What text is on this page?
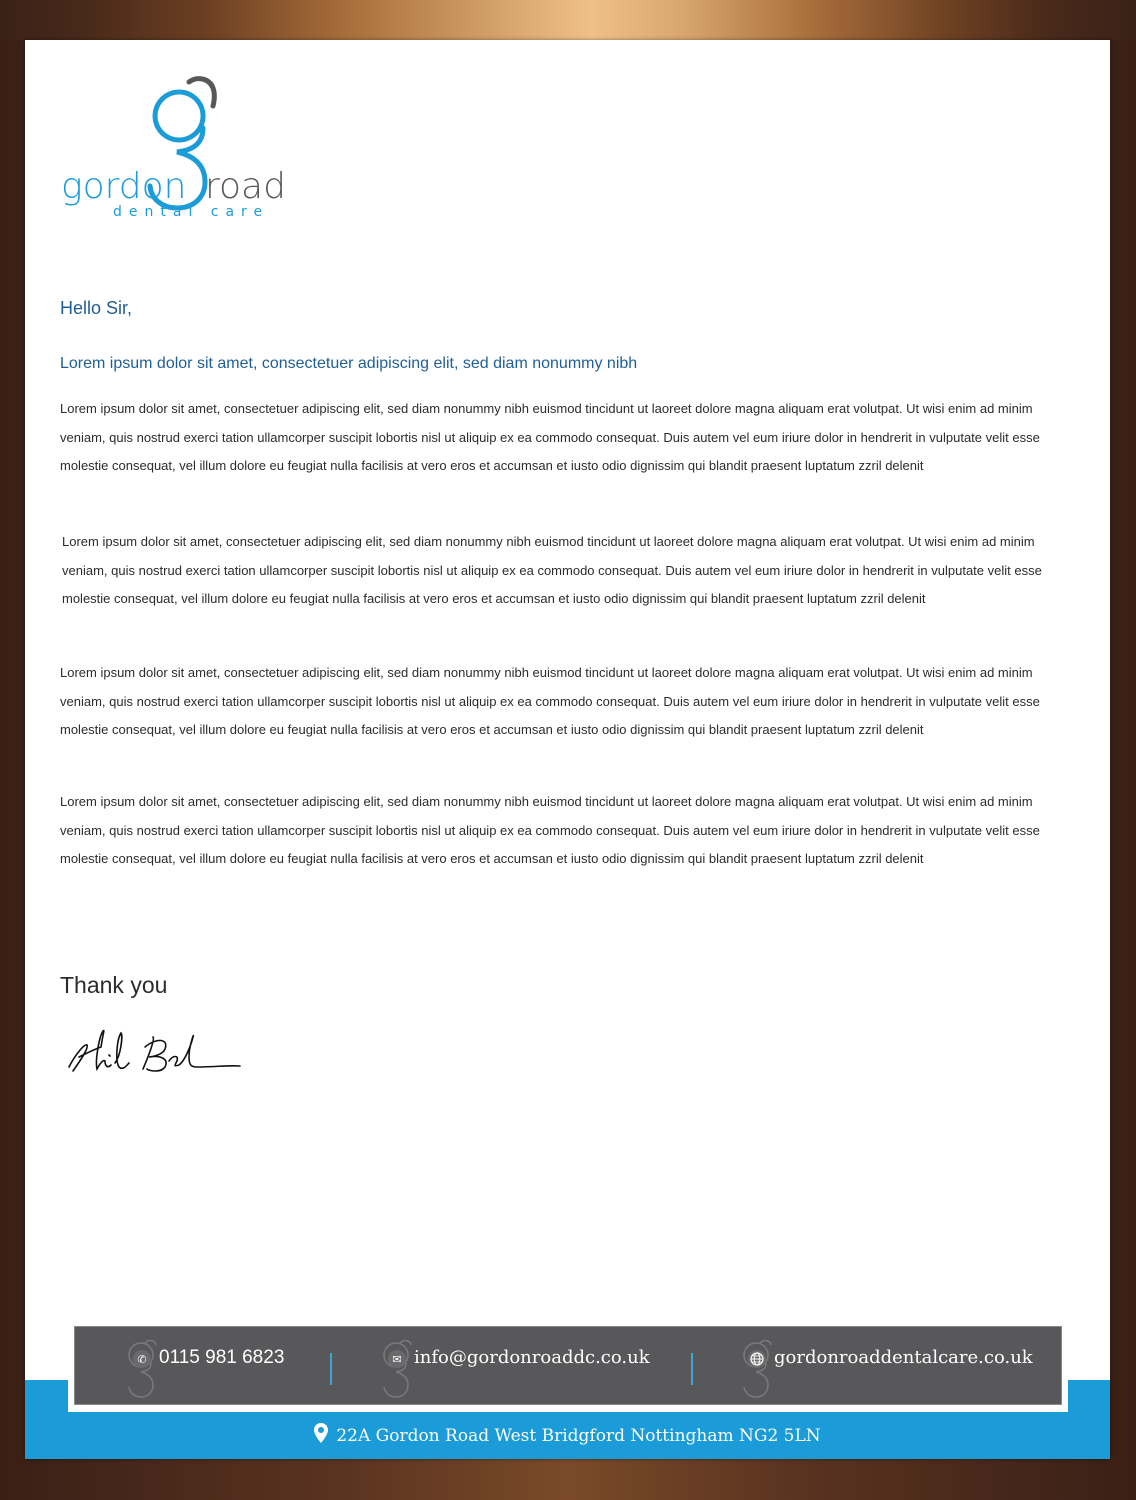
gordon road
dental care
Hello Sir,
Lorem ipsum dolor sit amet, consectetuer adipiscing elit, sed diam nonummy nibh

Lorem ipsum dolor sit amet, consectetuer adipiscing elit, sed diam nonummy nibh euismod tincidunt ut laoreet dolore magna aliquam erat volutpat. Ut wisi enim ad minim veniam, quis nostrud exerci tation ullamcorper suscipit lobortis nisl ut aliquip ex ea commodo consequat. Duis autem vel eum iriure dolor in hendrerit in vulputate velit esse molestie consequat, vel illum dolore eu feugiat nulla facilisis at vero eros et accumsan et iusto odio dignissim qui blandit praesent luptatum zzril delenit

Lorem ipsum dolor sit amet, consectetuer adipiscing elit, sed diam nonummy nibh euismod tincidunt ut laoreet dolore magna aliquam erat volutpat. Ut wisi enim ad minim veniam, quis nostrud exerci tation ullamcorper suscipit lobortis nisl ut aliquip ex ea commodo consequat. Duis autem vel eum iriure dolor in hendrerit in vulputate velit esse molestie consequat, vel illum dolore eu feugiat nulla facilisis at vero eros et accumsan et iusto odio dignissim qui blandit praesent luptatum zzril delenit

Lorem ipsum dolor sit amet, consectetuer adipiscing elit, sed diam nonummy nibh euismod tincidunt ut laoreet dolore magna aliquam erat volutpat. Ut wisi enim ad minim veniam, quis nostrud exerci tation ullamcorper suscipit lobortis nisl ut aliquip ex ea commodo consequat. Duis autem vel eum iriure dolor in hendrerit in vulputate velit esse molestie consequat, vel illum dolore eu feugiat nulla facilisis at vero eros et accumsan et iusto odio dignissim qui blandit praesent luptatum zzril delenit

Lorem ipsum dolor sit amet, consectetuer adipiscing elit, sed diam nonummy nibh euismod tincidunt ut laoreet dolore magna aliquam erat volutpat. Ut wisi enim ad minim veniam, quis nostrud exerci tation ullamcorper suscipit lobortis nisl ut aliquip ex ea commodo consequat. Duis autem vel eum iriure dolor in hendrerit in vulputate velit esse molestie consequat, vel illum dolore eu feugiat nulla facilisis at vero eros et accumsan et iusto odio dignissim qui blandit praesent luptatum zzril delenit

Thank you
22A Gordon Road West Bridgford Nottingham NG2 5LN
✆ 0115 981 6823	✉ info@gordonroaddc.co.uk	gordonroaddentalcare.co.uk
